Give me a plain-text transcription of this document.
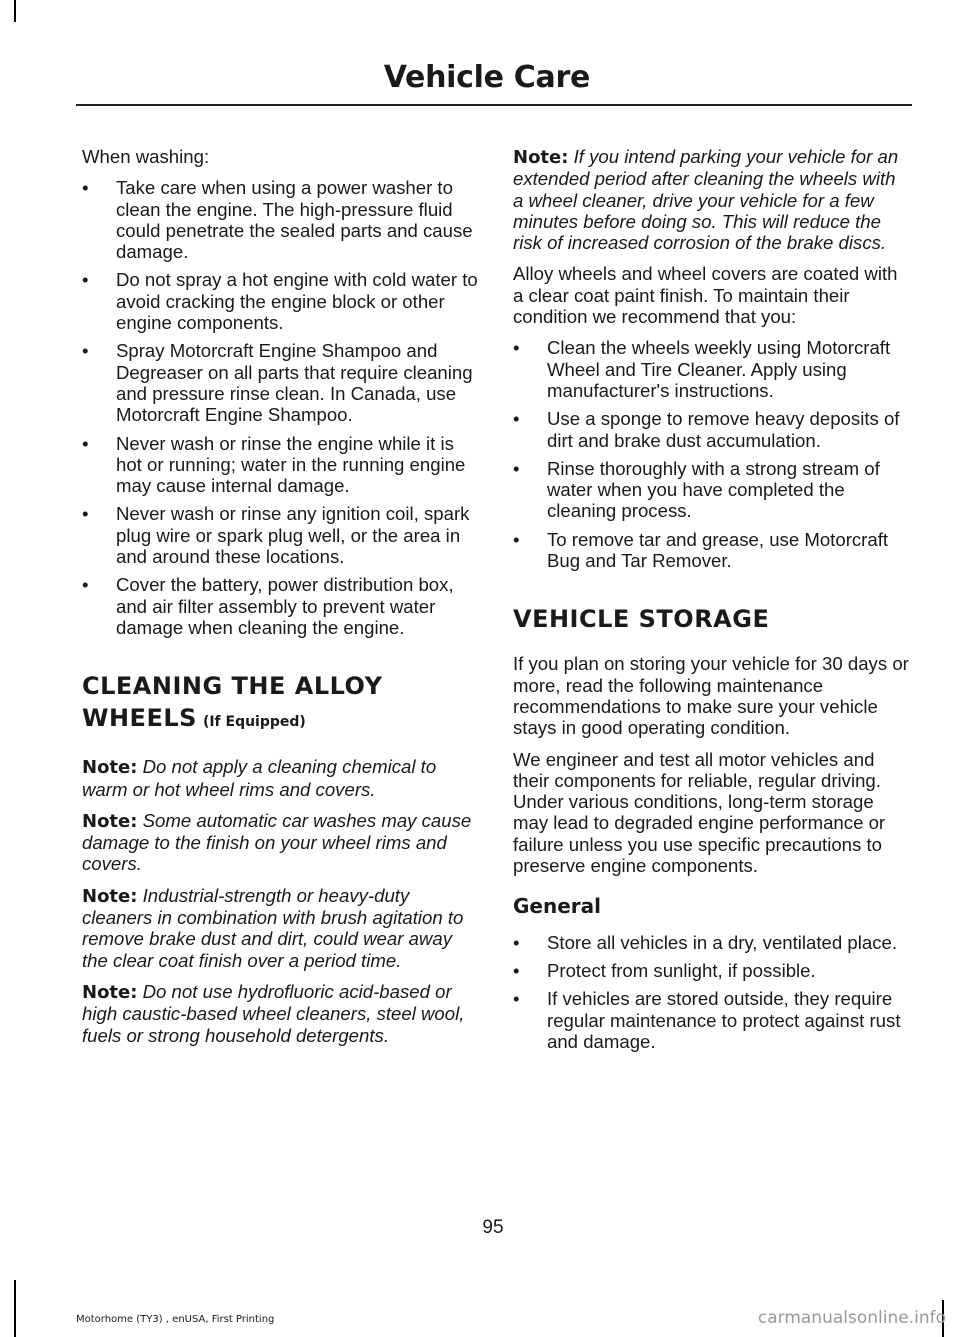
Vehicle Care

When washing:

•	Take care when using a power washer to clean the engine. The high-pressure fluid could penetrate the sealed parts and cause damage.
•	Do not spray a hot engine with cold water to avoid cracking the engine block or other engine components.
•	Spray Motorcraft Engine Shampoo and Degreaser on all parts that require cleaning and pressure rinse clean. In Canada, use Motorcraft Engine Shampoo.
•	Never wash or rinse the engine while it is hot or running; water in the running engine may cause internal damage.
•	Never wash or rinse any ignition coil, spark plug wire or spark plug well, or the area in and around these locations.
•	Cover the battery, power distribution box, and air filter assembly to prevent water damage when cleaning the engine.
CLEANING THE ALLOY WHEELS (If Equipped)

Note: Do not apply a cleaning chemical to warm or hot wheel rims and covers.

Note: Some automatic car washes may cause damage to the finish on your wheel rims and covers.

Note: Industrial-strength or heavy-duty cleaners in combination with brush agitation to remove brake dust and dirt, could wear away the clear coat finish over a period time.

Note: Do not use hydrofluoric acid-based or high caustic-based wheel cleaners, steel wool, fuels or strong household detergents.

Note: If you intend parking your vehicle for an extended period after cleaning the wheels with a wheel cleaner, drive your vehicle for a few minutes before doing so. This will reduce the risk of increased corrosion of the brake discs.

Alloy wheels and wheel covers are coated with a clear coat paint finish. To maintain their condition we recommend that you:

•	Clean the wheels weekly using Motorcraft Wheel and Tire Cleaner. Apply using manufacturer's instructions.
•	Use a sponge to remove heavy deposits of dirt and brake dust accumulation.
•	Rinse thoroughly with a strong stream of water when you have completed the cleaning process.
•	To remove tar and grease, use Motorcraft Bug and Tar Remover.
VEHICLE STORAGE

If you plan on storing your vehicle for 30 days or more, read the following maintenance recommendations to make sure your vehicle stays in good operating condition.

We engineer and test all motor vehicles and their components for reliable, regular driving. Under various conditions, long-term storage may lead to degraded engine performance or failure unless you use specific precautions to preserve engine components.

General
•	Store all vehicles in a dry, ventilated place.
•	Protect from sunlight, if possible.
•	If vehicles are stored outside, they require regular maintenance to protect against rust and damage.
95
Motorhome (TY3) , enUSA, First Printing	carmanualsonline.info
